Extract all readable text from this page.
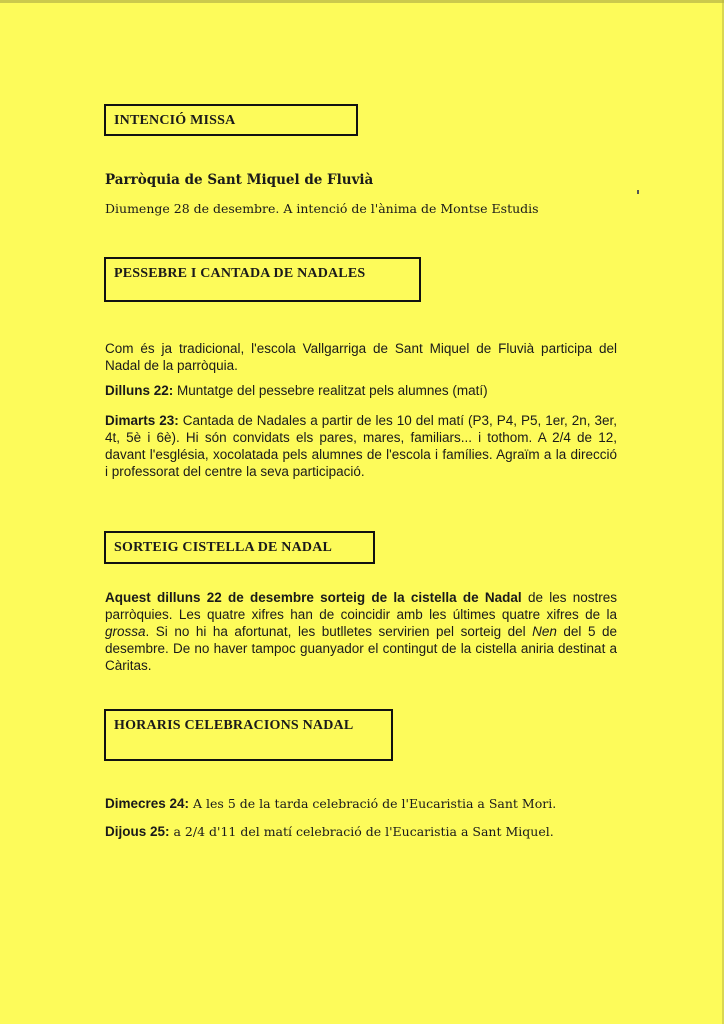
INTENCIÓ MISSA

Parròquia de Sant Miquel de Fluvià

Diumenge 28 de desembre. A intenció de l'ànima de Montse Estudis

PESSEBRE I CANTADA DE NADALES

Com és ja tradicional, l'escola Vallgarriga de Sant Miquel de Fluvià participa del Nadal de la parròquia.

Dilluns 22: Muntatge del pessebre realitzat pels alumnes (matí)

Dimarts 23: Cantada de Nadales a partir de les 10 del matí (P3, P4, P5, 1er, 2n, 3er, 4t, 5è i 6è). Hi són convidats els pares, mares, familiars... i tothom. A 2/4 de 12, davant l'església, xocolatada pels alumnes de l'escola i famílies. Agraïm a la direcció i professorat del centre la seva participació.

SORTEIG CISTELLA DE NADAL

Aquest dilluns 22 de desembre sorteig de la cistella de Nadal de les nostres parròquies. Les quatre xifres han de coincidir amb les últimes quatre xifres de la grossa. Si no hi ha afortunat, les butlletes servirien pel sorteig del Nen del 5 de desembre. De no haver tampoc guanyador el contingut de la cistella aniria destinat a Càritas.

HORARIS CELEBRACIONS NADAL

Dimecres 24: A les 5 de la tarda celebració de l'Eucaristia a Sant Mori.

Dijous 25: a 2/4 d'11 del matí celebració de l'Eucaristia a Sant Miquel.
